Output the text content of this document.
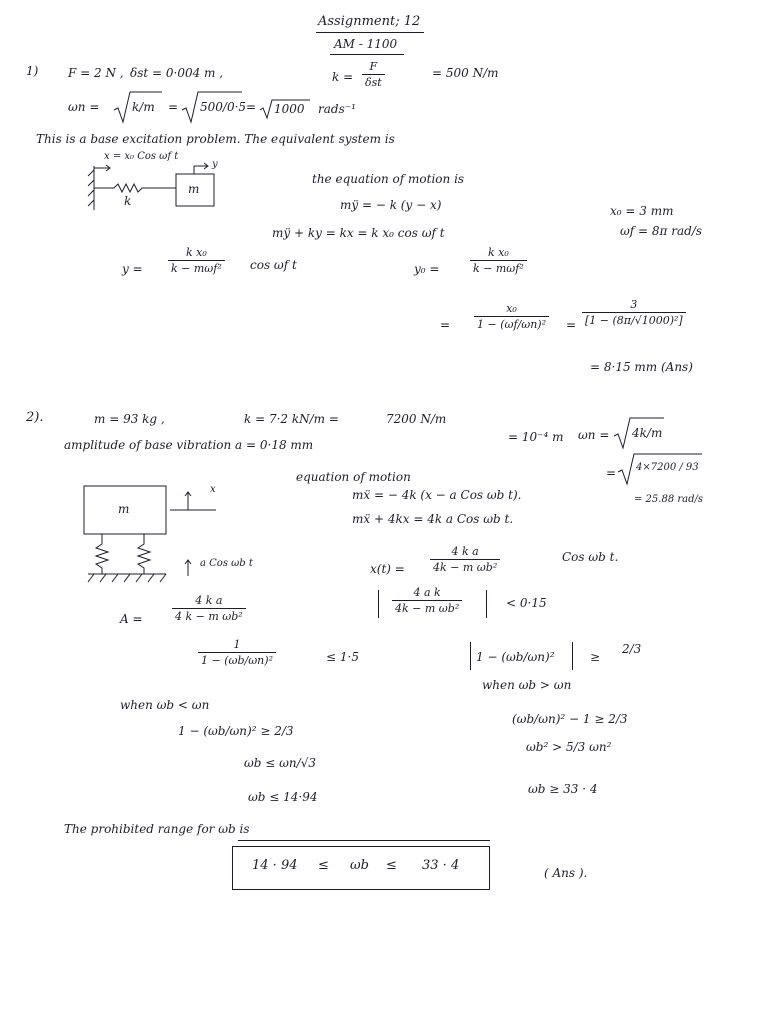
Assignment; 12
AM - 1100
1) F = 2 N , δst = 0·004 m ,	k =
F
δst
= 500 N/m
ωn =	k/m = 500/0·5 = 1000 rads⁻¹
This is a base excitation problem. The equivalent system is
x = x₀ Cos ωf t
y
m
k
the equation of motion is
mÿ = − k (y − x)	x₀ = 3 mm
mÿ + ky = kx = k x₀ cos ωf t	ωf = 8π rad/s
y =
k x₀
k − mωf² cos ωf t	y₀ =
k x₀
k − mωf²
= $\frac{\text{x₀}}{\text{1 − (ωf/ωn)²}} = \frac{3}{\text{[1 − (8π/√1000)²]}}$
= 8·15 mm (Ans)
2).	m = 93 kg ,	k = 7·2 kN/m =	7200 N/m
ωn = 4k/m
amplitude of base vibration a = 0·18 mm
= 10⁻⁴ m
= 4×7200 / 93
= 25.88 rad/s
equation of motion
mẍ = − 4k (x − a Cos ωb t).
mẍ + 4kx = 4k a Cos ωb t.
m
x
a Cos ωb t	$x(t) = \frac{\text{4 k a}}{\text{4k − m ωb²}}$	Cos ωb t.
$\frac{\text{4 a k}}{\text{4k − m ωb²}}$	< 0·15
A =	$\frac{\text{4 k a}}{\text{4 k − m ωb²}}$
$\frac{1}{\text{1 − (ωb/ωn)²}}$	≤ 1·5	1 − (ωb/ωn)²	≥
2/3
when ωb > ωn
when ωb < ωn
(ωb/ωn)² − 1 ≥ 2/3
1 − (ωb/ωn)² ≥ 2/3
ωb² > 5/3 ωn²
ωb ≤ ωn/√3
ωb ≥ 33 · 4
ωb ≤ 14·94
The prohibited range for ωb is
14 · 94 ≤ ωb ≤ 33 · 4	( Ans ).
